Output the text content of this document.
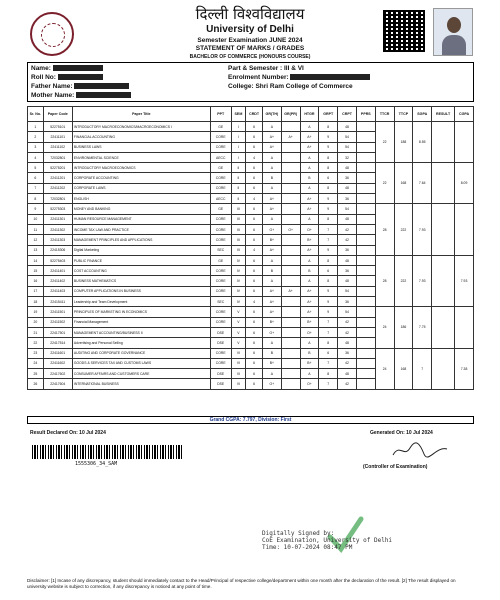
दिल्ली विश्वविद्यालय
University of Delhi
Semester Examination JUNE 2024
STATEMENT OF MARKS / GRADES
BACHELOR OF COMMERCE (HONOURS COURSE)
Name:
Roll No:
Father Name:
Mother Name:
Part & Semester : III & VI
Enrolment Number:
College: Shri Ram College of Commerce
Sr. No.	Paper Code	Paper Title	PPT	SEM	CRDT	GR(TH)	GR(PR)	HTGR	GRPT	CRPT	PPRS	TTCR	TTCP	SGPA	RESULT	CGPA
1	52275101	INTRODUCTORY MACROECONOMICS/MACROECONOMICS I	GE	I	6	A		A	8	48		22	188	8.55		
2	22411101	FINANCIAL ACCOUNTING	CORE	I	6	A+	A+	A+	9	54						
3	22411102	BUSINESS LAWS	CORE	I	6	A+		A+	9	54						
4	72032801	ENVIRONMENTAL SCIENCE	AECC	I	4	A		A	8	32						
5	52275201	INTRODUCTORY MACROECONOMICS	GE	II	6	A		A	8	48		22	168	7.64		8.09
6	22411201	CORPORATE ACCOUNTING	CORE	II	6	B		B	6	36						
7	22411202	CORPORATE LAWS	CORE	II	6	A		A	8	48						
8	72032801	ENGLISH	AECC	II	4	A+		A+	9	36						
9	52275303	MONEY AND BANKING	GE	III	6	A+		A+	9	54		28	222	7.93		
10	22411301	HUMAN RESOURCE MANAGEMENT	CORE	III	6	A		A	8	48						
11	22411302	INCOME TAX LAW AND PRACTICE	CORE	III	6	O+	O+	O+	7	42						
12	22411303	MANAGEMENT PRINCIPLES AND APPLICATIONS	CORE	III	6	B+		B+	7	42						
13	22415306	Digital Marketing	SEC	III	4	A+		A+	9	36						
14	52275403	PUBLIC FINANCE	GE	IV	6	A		A	8	48		28	222	7.93		7.93
15	22411401	COST ACCOUNTING	CORE	IV	6	B		B	6	36						
16	22411402	BUSINESS MATHEMATICS	CORE	IV	6	A		A	8	48						
17	22411403	COMPUTER APPLICATIONS IN BUSINESS	CORE	IV	6	A+	A+	A+	9	54						
18	22415411	Leadership and Team Development	SEC	IV	4	A+		A+	9	36						
19	22411501	PRINCIPLES OF MARKETING IN ECONOMICS	CORE	V	6	A+		A+	9	54		24	186	7.75		
20	22411502	Financial Management	CORE	V	6	B+		B+	7	42						
21	22417501	MANAGEMENT ACCOUNTING/BUSINESS II	DSE	V	6	O+		O+	7	42						
22	22417514	Advertising and Personal Selling	DSE	V	6	A		A	8	48						
23	22411601	AUDITING AND CORPORATE GOVERNANCE	CORE	VI	6	B		B	6	36		24	168	7		7.38
24	22411602	GOODS & SERVICES TAX AND CUSTOMS LAWS	CORE	VI	6	B+		B+	7	42						
25	22417602	CONSUMER AFFAIRS AND CUSTOMERS CARE	DSE	VI	6	A		A	8	48						
26	22417604	INTERNATIONAL BUSINESS	DSE	VI	6	O+		O+	7	42						
Grand CGPA: 7.797, Division: First
Result Declared On: 10 Jul 2024	Generated On: 10 Jul 2024
1555306_34_SAM	(Controller of Examination)
Digitally Signed by:
CoE Examination, University of Delhi
Time: 10-07-2024 08:47 PM
Disclaimer: [1] Incase of any discrepancy, student should immediately contact to the Head/Principal of respective college/department within one month after the declaration of the result. [2] The result displayed on university website is subject to correction, if any discrepancy is noticed at any point of time.
